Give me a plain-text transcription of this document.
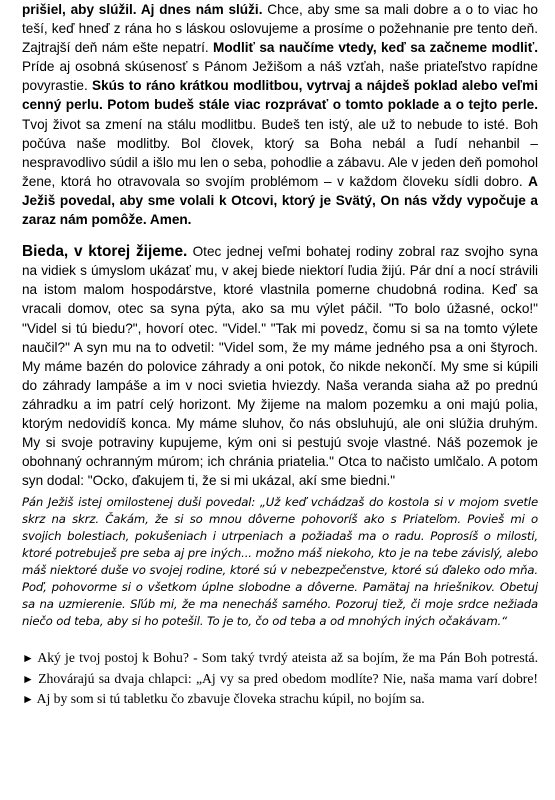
prišiel, aby slúžil. Aj dnes nám slúži. Chce, aby sme sa mali dobre a o to viac ho teší, keď hneď z rána ho s láskou oslovujeme a prosíme o požehnanie pre tento deň. Zajtrajší deň nám ešte nepatrí. Modliť sa naučíme vtedy, keď sa začneme modliť. Príde aj osobná skúsenosť s Pánom Ježišom a náš vzťah, naše priateľstvo rapídne povyrastie. Skús to ráno krátkou modlitbou, vytrvaj a nájdeš poklad alebo veľmi cenný perlu. Potom budeš stále viac rozprávať o tomto poklade a o tejto perle. Tvoj život sa zmení na stálu modlitbu. Budeš ten istý, ale už to nebude to isté. Boh počúva naše modlitby. Bol človek, ktorý sa Boha nebál a ľudí nehanbil – nespravodlivo súdil a išlo mu len o seba, pohodlie a zábavu. Ale v jeden deň pomohol žene, ktorá ho otravovala so svojím problémom – v každom človeku sídli dobro. A Ježiš povedal, aby sme volali k Otcovi, ktorý je Svätý, On nás vždy vypočuje a zaraz nám pomôže. Amen.

Bieda, v ktorej žijeme. Otec jednej veľmi bohatej rodiny zobral raz svojho syna na vidiek s úmyslom ukázať mu, v akej biede niektorí ľudia žijú. Pár dní a nocí strávili na istom malom hospodárstve, ktoré vlastnila pomerne chudobná rodina. Keď sa vracali domov, otec sa syna pýta, ako sa mu výlet páčil. "To bolo úžasné, ocko!" "Videl si tú biedu?", hovorí otec. "Videl." "Tak mi povedz, čomu si sa na tomto výlete naučil?" A syn mu na to odvetil: "Videl som, že my máme jedného psa a oni štyroch. My máme bazén do polovice záhrady a oni potok, čo nikde nekončí. My sme si kúpili do záhrady lampáše a im v noci svietia hviezdy. Naša veranda siaha až po prednú záhradku a im patrí celý horizont. My žijeme na malom pozemku a oni majú polia, ktorým nedovidíš konca. My máme sluhov, čo nás obsluhujú, ale oni slúžia druhým. My si svoje potraviny kupujeme, kým oni si pestujú svoje vlastné. Náš pozemok je obohnaný ochranným múrom; ich chránia priatelia." Otca to načisto umlčalo. A potom syn dodal: "Ocko, ďakujem ti, že si mi ukázal, akí sme biedni."

Pán Ježiš istej omilostenej duši povedal: „Už keď vchádzaš do kostola si v mojom svetle skrz na skrz. Čakám, že si so mnou dôverne pohovoríš ako s Priateľom. Povieš mi o svojich bolestiach, pokušeniach i utrpeniach a požiadaš ma o radu. Poprosíš o milosti, ktoré potrebuješ pre seba aj pre iných... možno máš niekoho, kto je na tebe závislý, alebo máš niektoré duše vo svojej rodine, ktoré sú v nebezpečenstve, ktoré sú ďaleko odo mňa. Poď, pohovorme si o všetkom úplne slobodne a dôverne. Pamätaj na hriešnikov. Obetuj sa na uzmierenie. Sľúb mi, že ma nenecháš samého. Pozoruj tiež, či moje srdce nežiada niečo od teba, aby si ho potešil. To je to, čo od teba a od mnohých iných očakávam.“

► Aký je tvoj postoj k Bohu? - Som taký tvrdý ateista až sa bojím, že ma Pán Boh potrestá. ► Zhovárajú sa dvaja chlapci: „Aj vy sa pred obedom modlíte? Nie, naša mama varí dobre! ► Aj by som si tú tabletku čo zbavuje človeka strachu kúpil, no bojím sa.
